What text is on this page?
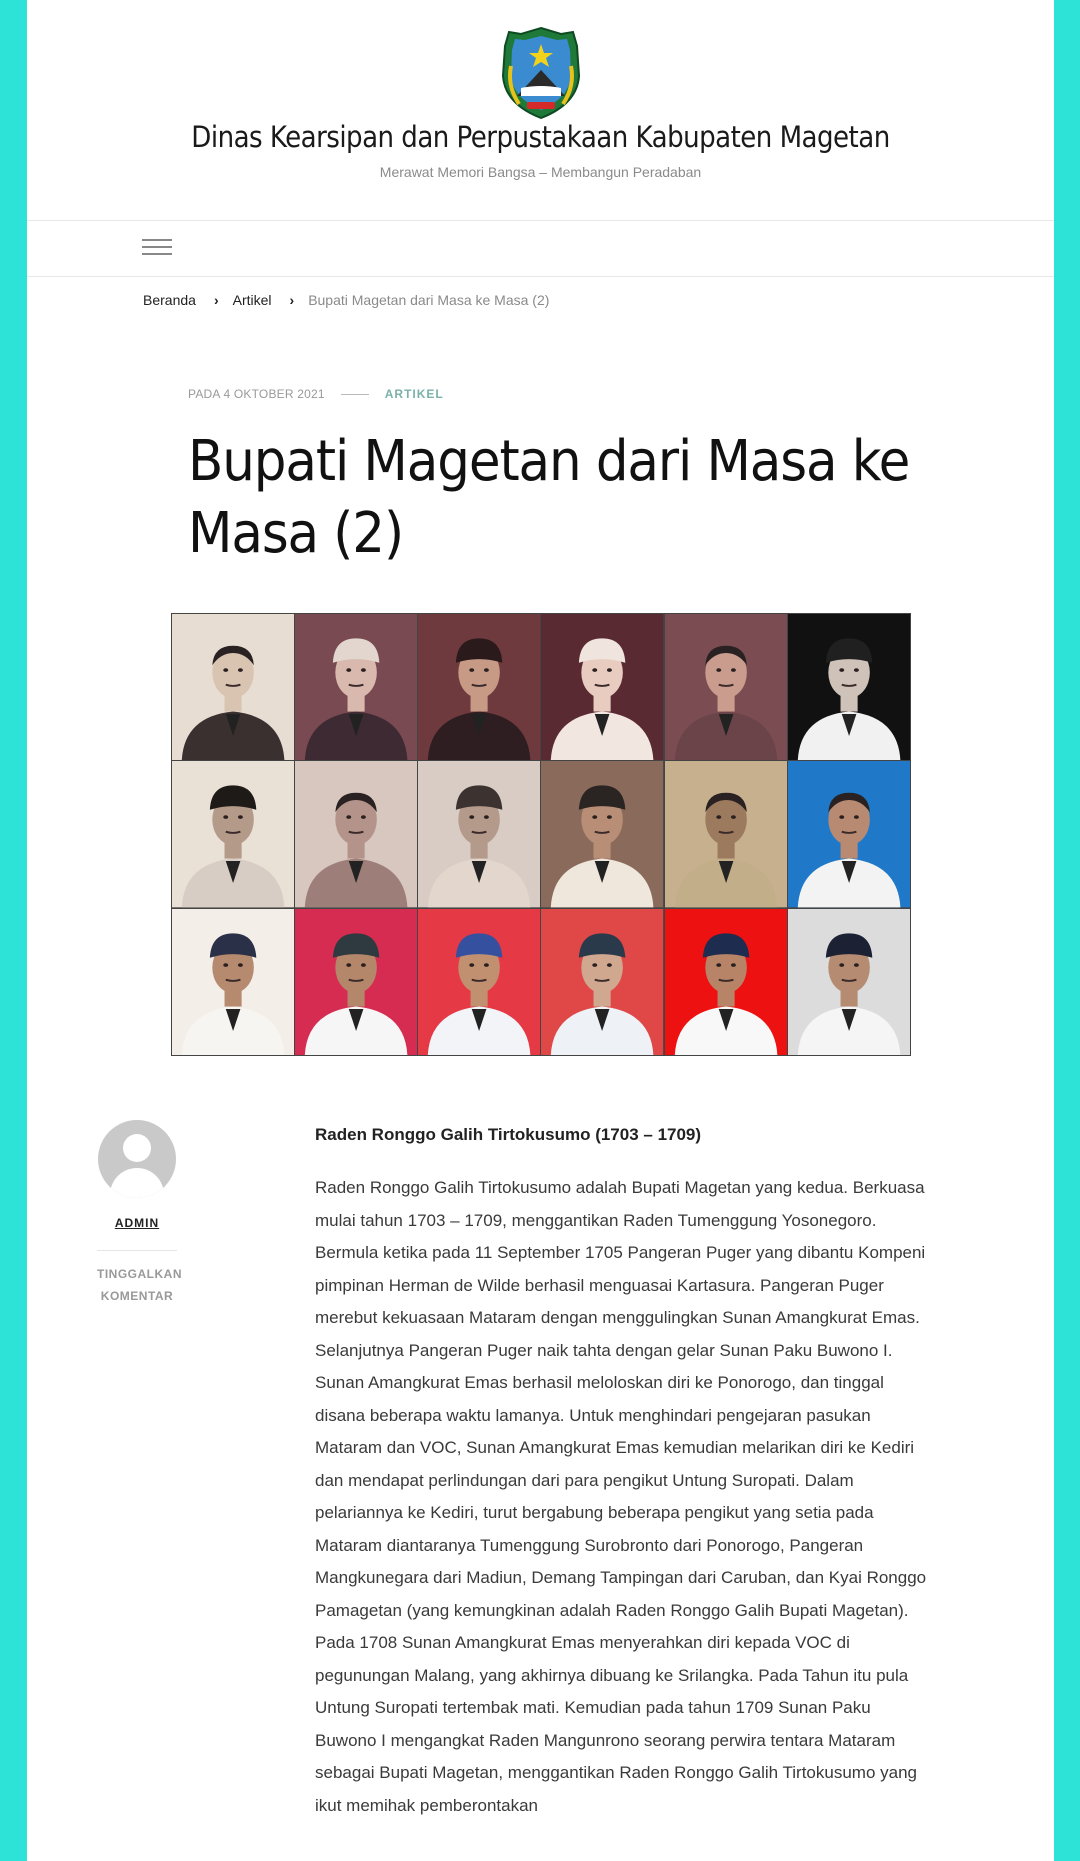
Dinas Kearsipan dan Perpustakaan Kabupaten Magetan
Merawat Memori Bangsa – Membangun Peradaban
Beranda › Artikel › Bupati Magetan dari Masa ke Masa (2)
PADA 4 OKTOBER 2021	ARTIKEL
Bupati Magetan dari Masa ke Masa (2)
ADMIN
TINGGALKAN KOMENTAR
Raden Ronggo Galih Tirtokusumo (1703 – 1709)

Raden Ronggo Galih Tirtokusumo adalah Bupati Magetan yang kedua. Berkuasa mulai tahun 1703 – 1709, menggantikan Raden Tumenggung Yosonegoro. Bermula ketika pada 11 September 1705 Pangeran Puger yang dibantu Kompeni pimpinan Herman de Wilde berhasil menguasai Kartasura. Pangeran Puger merebut kekuasaan Mataram dengan menggulingkan Sunan Amangkurat Emas. Selanjutnya Pangeran Puger naik tahta dengan gelar Sunan Paku Buwono I. Sunan Amangkurat Emas berhasil meloloskan diri ke Ponorogo, dan tinggal disana beberapa waktu lamanya. Untuk menghindari pengejaran pasukan Mataram dan VOC, Sunan Amangkurat Emas kemudian melarikan diri ke Kediri dan mendapat perlindungan dari para pengikut Untung Suropati. Dalam pelariannya ke Kediri, turut bergabung beberapa pengikut yang setia pada Mataram diantaranya Tumenggung Surobronto dari Ponorogo, Pangeran Mangkunegara dari Madiun, Demang Tampingan dari Caruban, dan Kyai Ronggo Pamagetan (yang kemungkinan adalah Raden Ronggo Galih Bupati Magetan). Pada 1708 Sunan Amangkurat Emas menyerahkan diri kepada VOC di pegunungan Malang, yang akhirnya dibuang ke Srilangka. Pada Tahun itu pula Untung Suropati tertembak mati. Kemudian pada tahun 1709 Sunan Paku Buwono I mengangkat Raden Mangunrono seorang perwira tentara Mataram sebagai Bupati Magetan, menggantikan Raden Ronggo Galih Tirtokusumo yang ikut memihak pemberontakan
